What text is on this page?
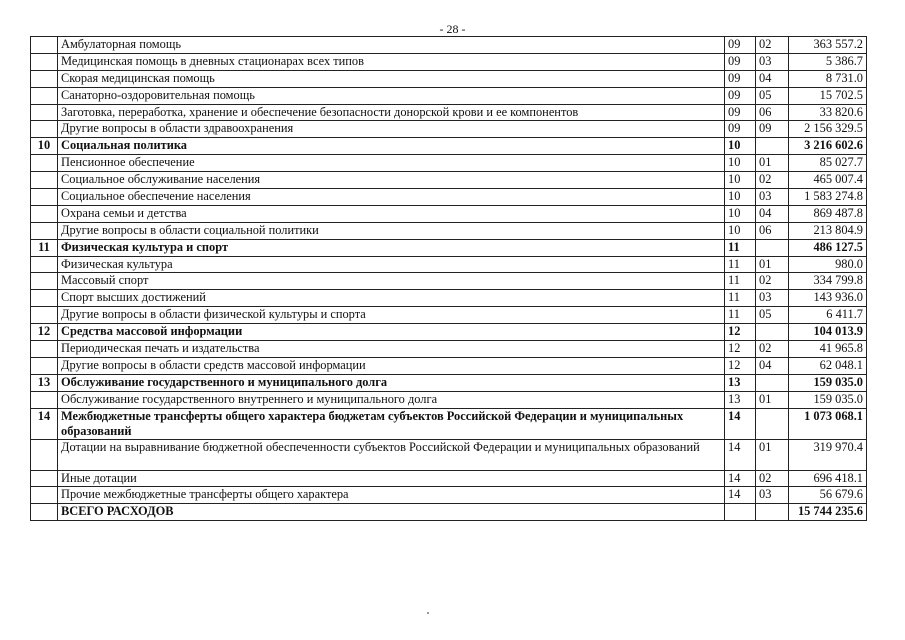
- 28 -
	Амбулаторная помощь	09	02	363 557.2
	Медицинская помощь в дневных стационарах всех типов	09	03	5 386.7
	Скорая медицинская помощь	09	04	8 731.0
	Санаторно-оздоровительная помощь	09	05	15 702.5
	Заготовка, переработка, хранение и обеспечение безопасности донорской крови и ее компонентов	09	06	33 820.6
	Другие вопросы в области здравоохранения	09	09	2 156 329.5
10	Социальная политика	10		3 216 602.6
	Пенсионное обеспечение	10	01	85 027.7
	Социальное обслуживание населения	10	02	465 007.4
	Социальное обеспечение населения	10	03	1 583 274.8
	Охрана семьи и детства	10	04	869 487.8
	Другие вопросы в области социальной политики	10	06	213 804.9
11	Физическая культура и спорт	11		486 127.5
	Физическая культура	11	01	980.0
	Массовый спорт	11	02	334 799.8
	Спорт высших достижений	11	03	143 936.0
	Другие вопросы в области физической культуры и спорта	11	05	6 411.7
12	Средства массовой информации	12		104 013.9
	Периодическая печать и издательства	12	02	41 965.8
	Другие вопросы в области средств массовой информации	12	04	62 048.1
13	Обслуживание государственного и муниципального долга	13		159 035.0
	Обслуживание государственного внутреннего и муниципального долга	13	01	159 035.0
14	Межбюджетные трансферты общего характера бюджетам субъектов Российской Федерации и муниципальных образований	14		1 073 068.1
	Дотации на выравнивание бюджетной обеспеченности субъектов Российской Федерации и муниципальных образований	14	01	319 970.4
	Иные дотации	14	02	696 418.1
	Прочие межбюджетные трансферты общего характера	14	03	56 679.6
	ВСЕГО РАСХОДОВ			15 744 235.6
